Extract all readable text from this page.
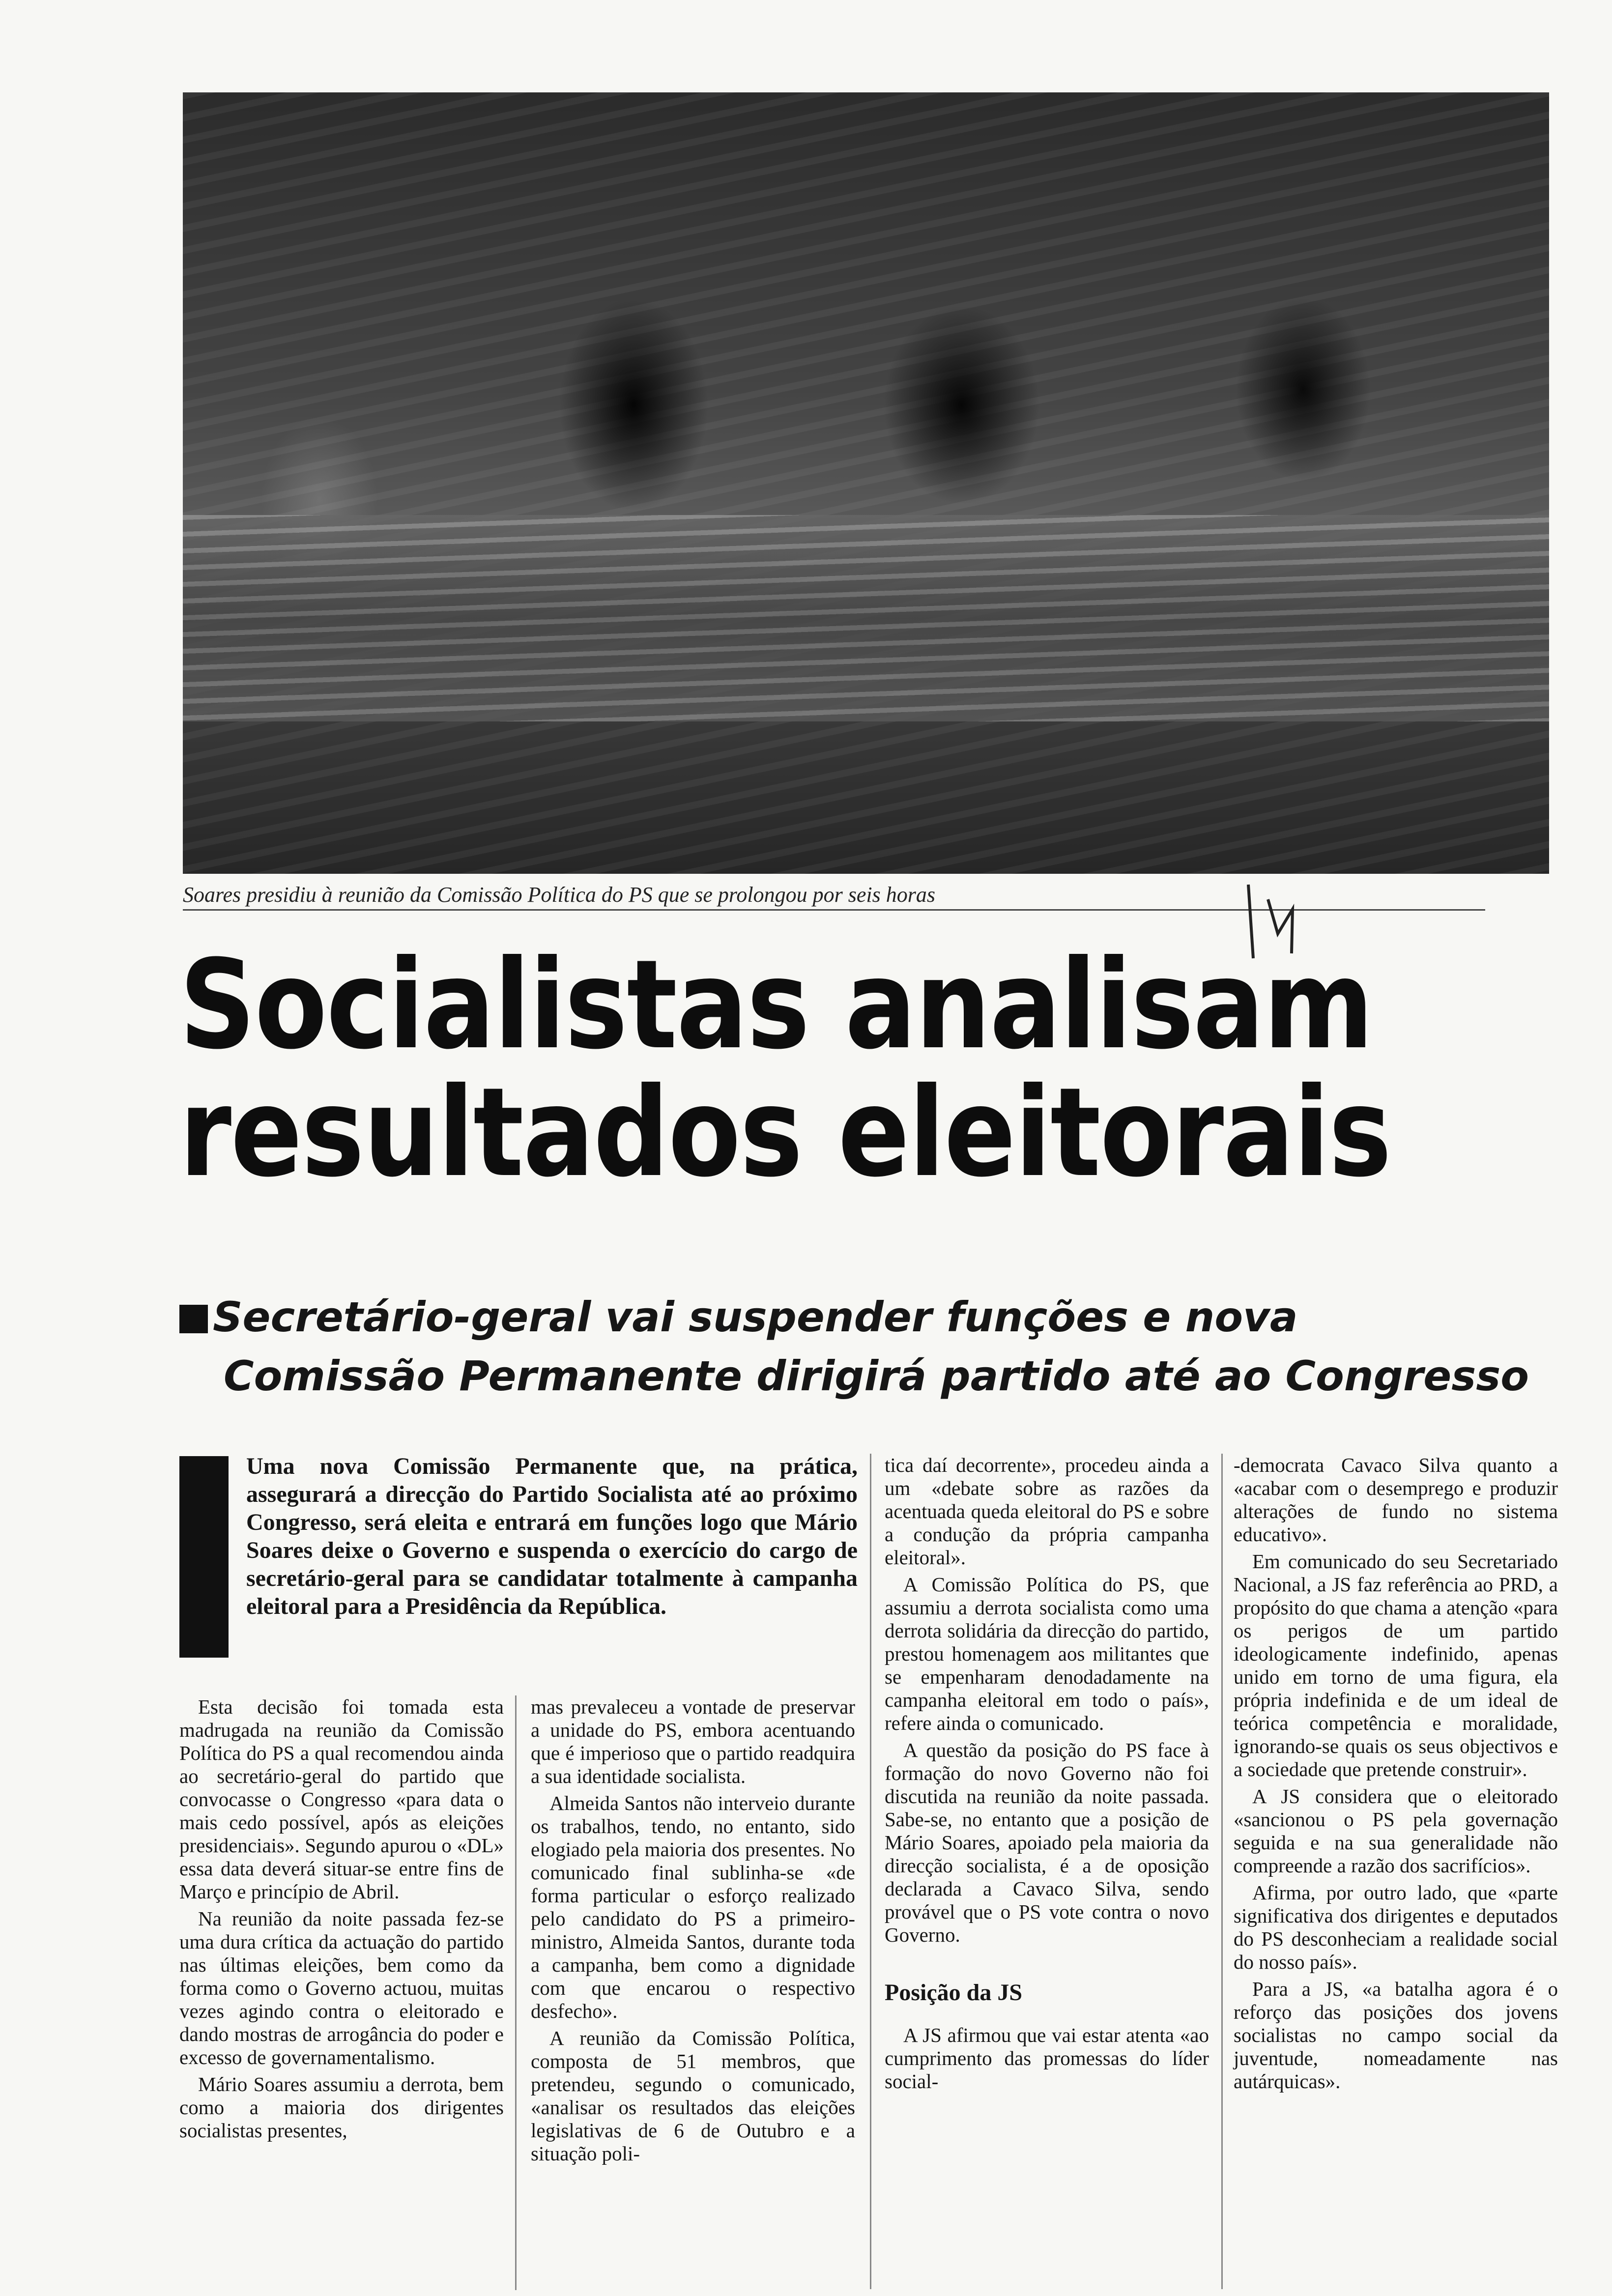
Soares presidiu à reunião da Comissão Política do PS que se prolongou por seis horas
Socialistas analisam
resultados eleitorais
Secretário-geral vai suspender funções e nova
Comissão Permanente dirigirá partido até ao Congresso

Uma nova Comissão Permanente que, na prática, assegurará a direcção do Partido Socialista até ao próximo Congresso, será eleita e entrará em funções logo que Mário Soares deixe o Governo e suspenda o exercício do cargo de secretário-geral para se candidatar totalmente à campanha eleitoral para a Presidência da República.

Esta decisão foi tomada esta madrugada na reunião da Comissão Política do PS a qual recomendou ainda ao secretário-geral do partido que convocasse o Congresso «para data o mais cedo possível, após as eleições presidenciais». Segundo apurou o «DL» essa data deverá situar-se entre fins de Março e princípio de Abril.

Na reunião da noite passada fez-se uma dura crítica da actuação do partido nas últimas eleições, bem como da forma como o Governo actuou, muitas vezes agindo contra o eleitorado e dando mostras de arrogância do poder e excesso de governamentalismo.

Mário Soares assumiu a derrota, bem como a maioria dos dirigentes socialistas presentes,

mas prevaleceu a vontade de preservar a unidade do PS, embora acentuando que é imperioso que o partido readquira a sua identidade socialista.

Almeida Santos não interveio durante os trabalhos, tendo, no entanto, sido elogiado pela maioria dos presentes. No comunicado final sublinha-se «de forma particular o esforço realizado pelo candidato do PS a primeiro-ministro, Almeida Santos, durante toda a campanha, bem como a dignidade com que encarou o respectivo desfecho».

A reunião da Comissão Política, composta de 51 membros, que pretendeu, segundo o comunicado, «analisar os resultados das eleições legislativas de 6 de Outubro e a situação poli-

tica daí decorrente», procedeu ainda a um «debate sobre as razões da acentuada queda eleitoral do PS e sobre a condução da própria campanha eleitoral».

A Comissão Política do PS, que assumiu a derrota socialista como uma derrota solidária da direcção do partido, prestou homenagem aos militantes que se empenharam denodadamente na campanha eleitoral em todo o país», refere ainda o comunicado.

A questão da posição do PS face à formação do novo Governo não foi discutida na reunião da noite passada. Sabe-se, no entanto que a posição de Mário Soares, apoiado pela maioria da direcção socialista, é a de oposição declarada a Cavaco Silva, sendo provável que o PS vote contra o novo Governo.

Posição da JS

A JS afirmou que vai estar atenta «ao cumprimento das promessas do líder social-

-democrata Cavaco Silva quanto a «acabar com o desemprego e produzir alterações de fundo no sistema educativo».

Em comunicado do seu Secretariado Nacional, a JS faz referência ao PRD, a propósito do que chama a atenção «para os perigos de um partido ideologicamente indefinido, apenas unido em torno de uma figura, ela própria indefinida e de um ideal de teórica competência e moralidade, ignorando-se quais os seus objectivos e a sociedade que pretende construir».

A JS considera que o eleitorado «sancionou o PS pela governação seguida e na sua generalidade não compreende a razão dos sacrifícios».

Afirma, por outro lado, que «parte significativa dos dirigentes e deputados do PS desconheciam a realidade social do nosso país».

Para a JS, «a batalha agora é o reforço das posições dos jovens socialistas no campo social da juventude, nomeadamente nas autárquicas».
